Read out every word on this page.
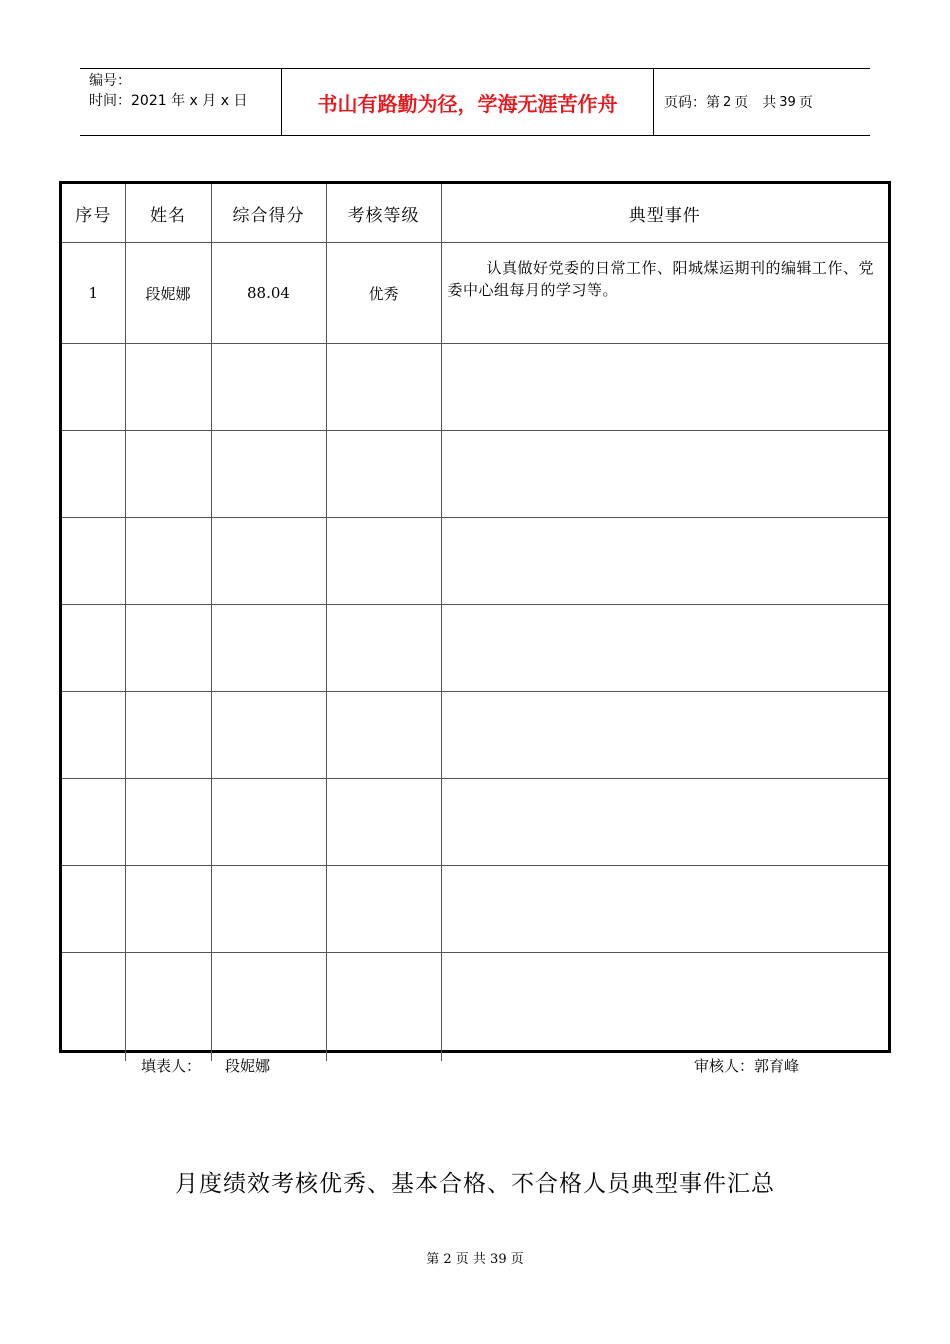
编号：
时间：2021 年 x 月 x 日	书山有路勤为径，学海无涯苦作舟	页码：第 2 页　共 39 页
序号	姓名	综合得分	考核等级	典型事件
1	段妮娜	88.04	优秀	认真做好党委的日常工作、阳城煤运期刊的编辑工作、党委中心组每月的学习等。

填表人： 段妮娜	审核人：郭育峰
月度绩效考核优秀、基本合格、不合格人员典型事件汇总
第 2 页 共 39 页
